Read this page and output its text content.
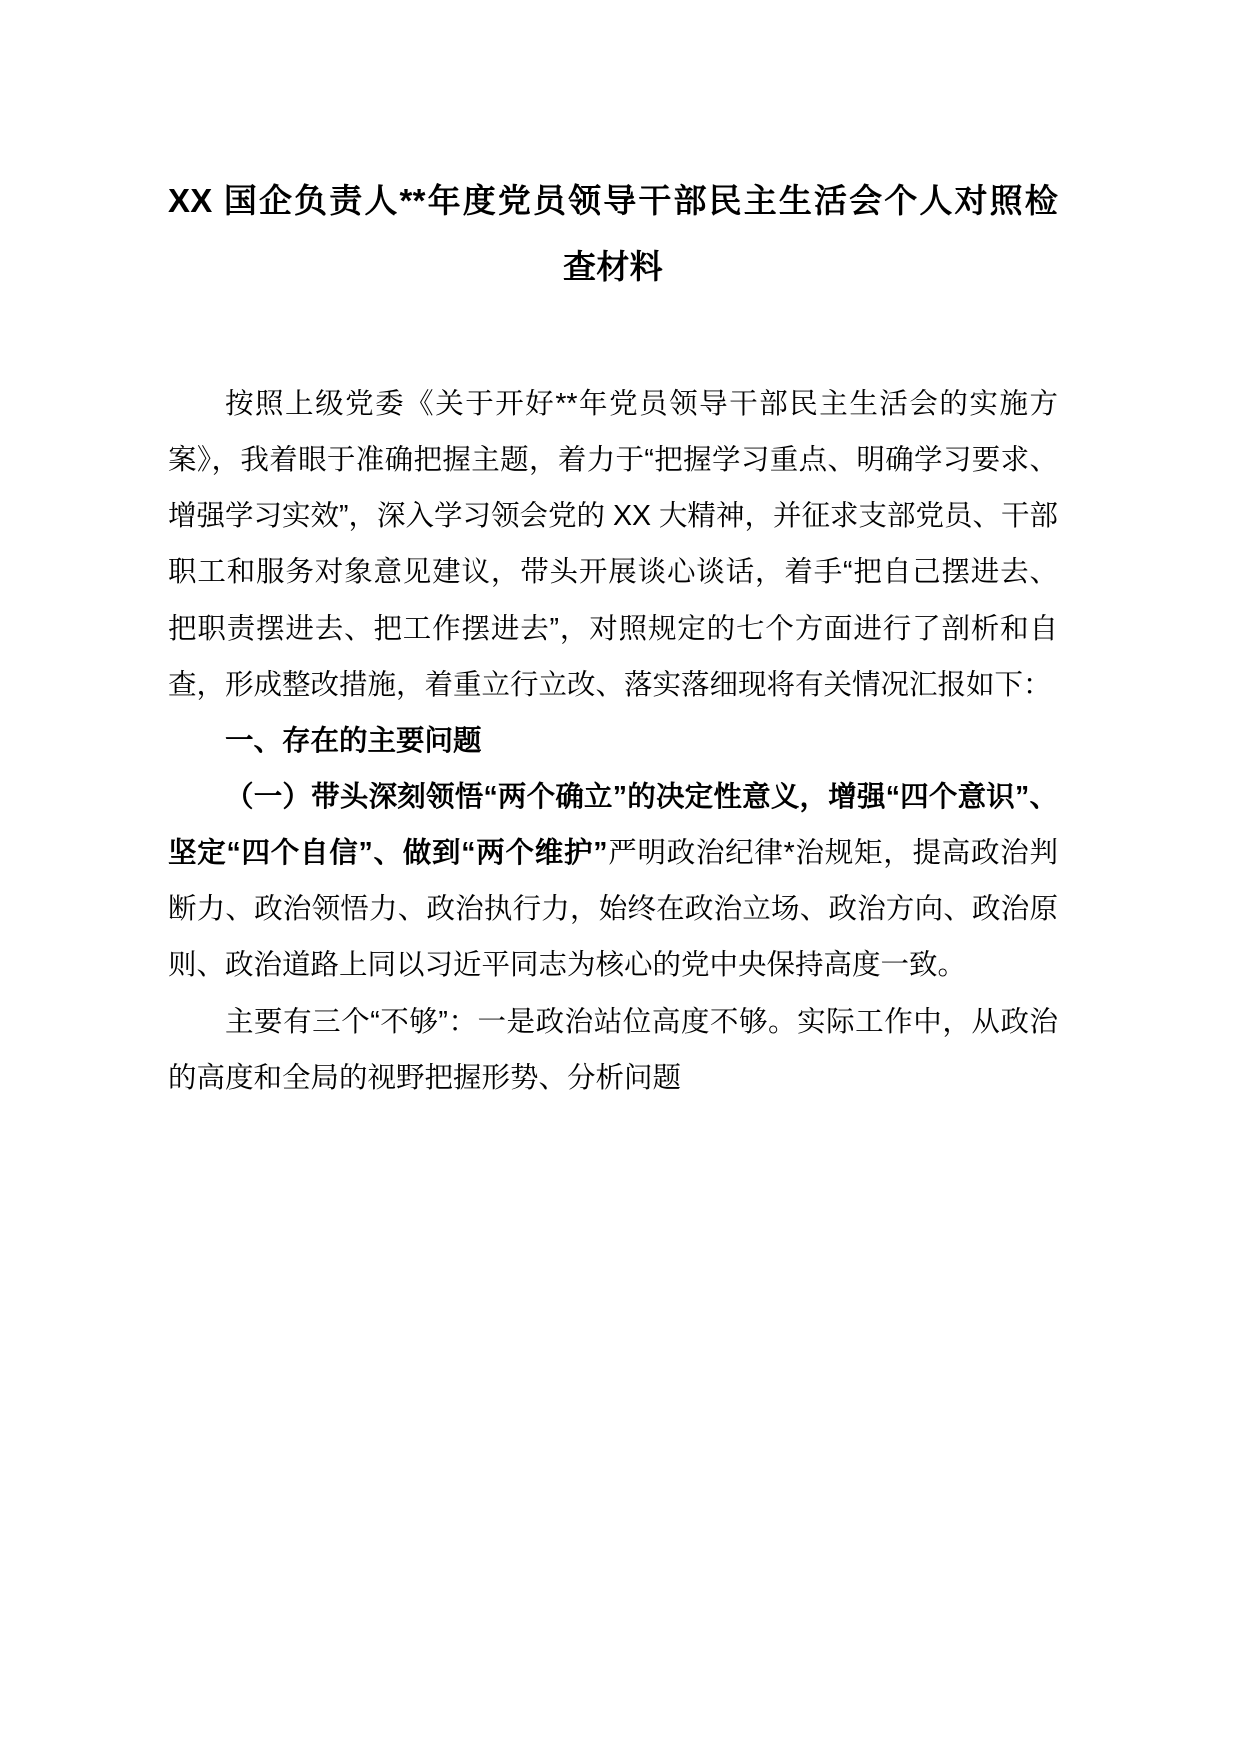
XX 国企负责人**年度党员领导干部民主生活会个人对照检
查材料

按照上级党委《关于开好**年党员领导干部民主生活会的实施方案》，我着眼于准确把握主题，着力于“把握学习重点、明确学习要求、增强学习实效”，深入学习领会党的 XX 大精神，并征求支部党员、干部职工和服务对象意见建议，带头开展谈心谈话，着手“把自己摆进去、把职责摆进去、把工作摆进去”，对照规定的七个方面进行了剖析和自查，形成整改措施，着重立行立改、落实落细现将有关情况汇报如下：

一、存在的主要问题

（一）带头深刻领悟“两个确立”的决定性意义，增强“四个意识”、坚定“四个自信”、做到“两个维护”严明政治纪律*治规矩，提高政治判断力、政治领悟力、政治执行力，始终在政治立场、政治方向、政治原则、政治道路上同以习近平同志为核心的党中央保持高度一致。

主要有三个“不够”：一是政治站位高度不够。实际工作中，从政治的高度和全局的视野把握形势、分析问题
